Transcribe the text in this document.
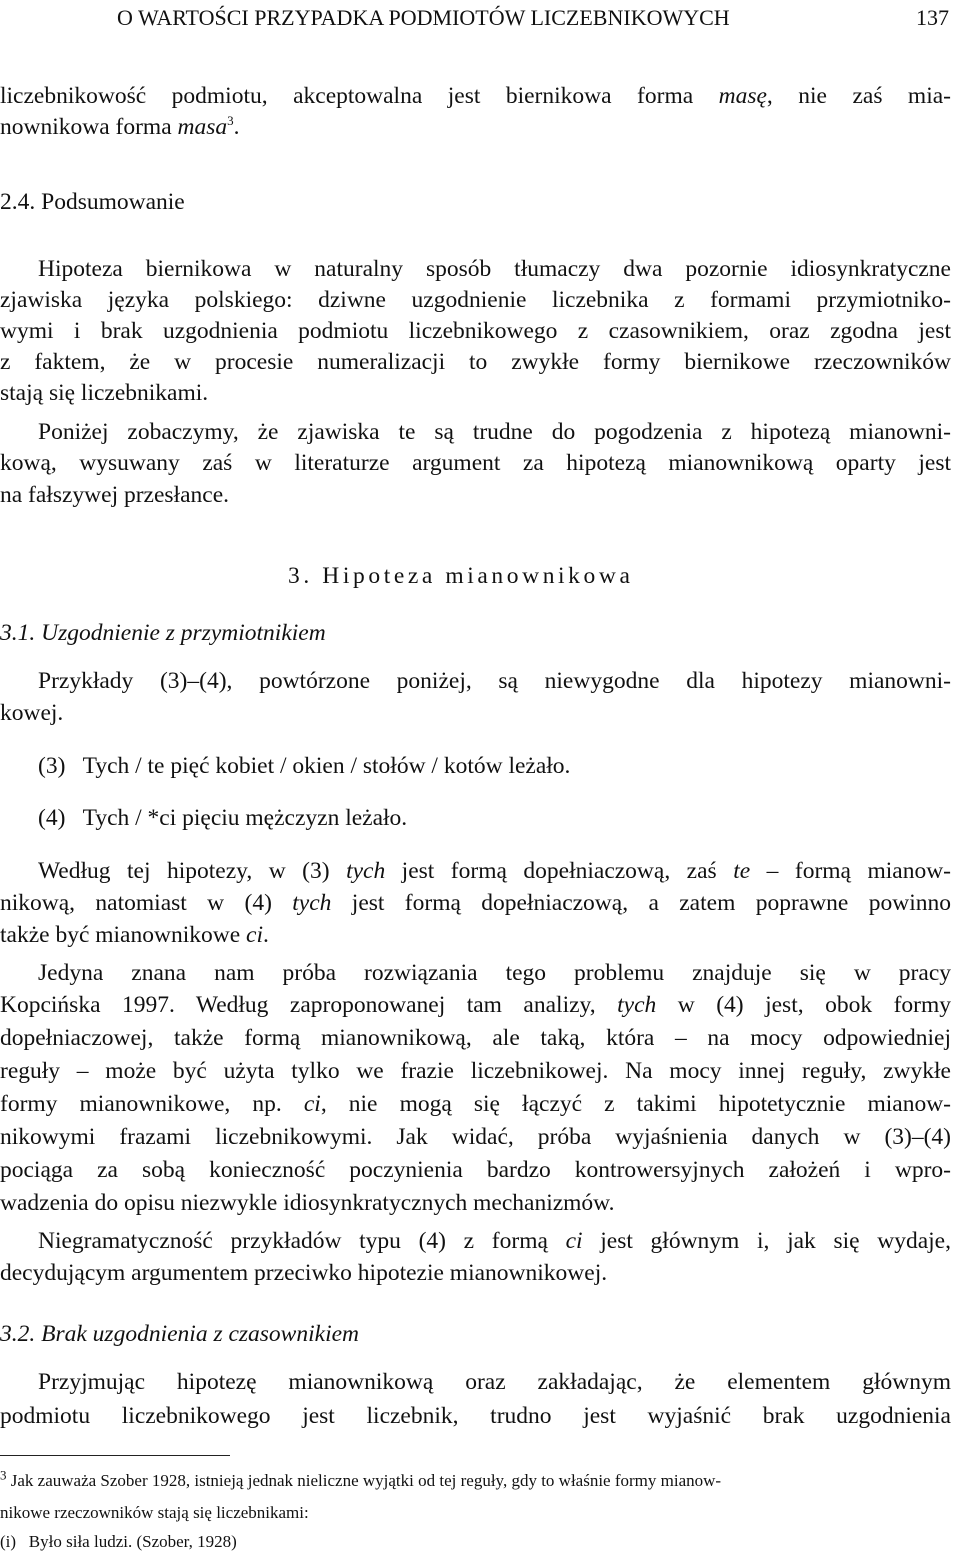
O WARTOŚCI PRZYPADKA PODMIOTÓW LICZEBNIKOWYCH	137
liczebnikowość podmiotu, akceptowalna jest biernikowa forma masę, nie zaś mia-
nownikowa forma masa$^3$.
2.4. Podsumowanie
Hipoteza biernikowa w naturalny sposób tłumaczy dwa pozornie idiosynkratyczne
zjawiska języka polskiego: dziwne uzgodnienie liczebnika z formami przymiotniko-
wymi i brak uzgodnienia podmiotu liczebnikowego z czasownikiem, oraz zgodna jest
z faktem, że w procesie numeralizacji to zwykłe formy biernikowe rzeczowników
stają się liczebnikami.
Poniżej zobaczymy, że zjawiska te są trudne do pogodzenia z hipotezą mianowni-
kową, wysuwany zaś w literaturze argument za hipotezą mianownikową oparty jest
na fałszywej przesłance.
3. Hipoteza mianownikowa
3.1. Uzgodnienie z przymiotnikiem
Przykłady (3)–(4), powtórzone poniżej, są niewygodne dla hipotezy mianowni-
kowej.
(3)   Tych / te pięć kobiet / okien / stołów / kotów leżało.
(4)   Tych / *ci pięciu mężczyzn leżało.
Według tej hipotezy, w (3) tych jest formą dopełniaczową, zaś te – formą mianow-
nikową, natomiast w (4) tych jest formą dopełniaczową, a zatem poprawne powinno
także być mianownikowe ci.
Jedyna znana nam próba rozwiązania tego problemu znajduje się w pracy
Kopcińska 1997. Według zaproponowanej tam analizy, tych w (4) jest, obok formy
dopełniaczowej, także formą mianownikową, ale taką, która – na mocy odpowiedniej
reguły – może być użyta tylko we frazie liczebnikowej. Na mocy innej reguły, zwykłe
formy mianownikowe, np. ci, nie mogą się łączyć z takimi hipotetycznie mianow-
nikowymi frazami liczebnikowymi. Jak widać, próba wyjaśnienia danych w (3)–(4)
pociąga za sobą konieczność poczynienia bardzo kontrowersyjnych założeń i wpro-
wadzenia do opisu niezwykle idiosynkratycznych mechanizmów.
Niegramatyczność przykładów typu (4) z formą ci jest głównym i, jak się wydaje,
decydującym argumentem przeciwko hipotezie mianownikowej.
3.2. Brak uzgodnienia z czasownikiem
Przyjmując hipotezę mianownikową oraz zakładając, że elementem głównym
podmiotu liczebnikowego jest liczebnik, trudno jest wyjaśnić brak uzgodnienia
$^3$ Jak zauważa Szober 1928, istnieją jednak nieliczne wyjątki od tej reguły, gdy to właśnie formy mianow-
nikowe rzeczowników stają się liczebnikami:
(i)   Było siła ludzi. (Szober, 1928)
